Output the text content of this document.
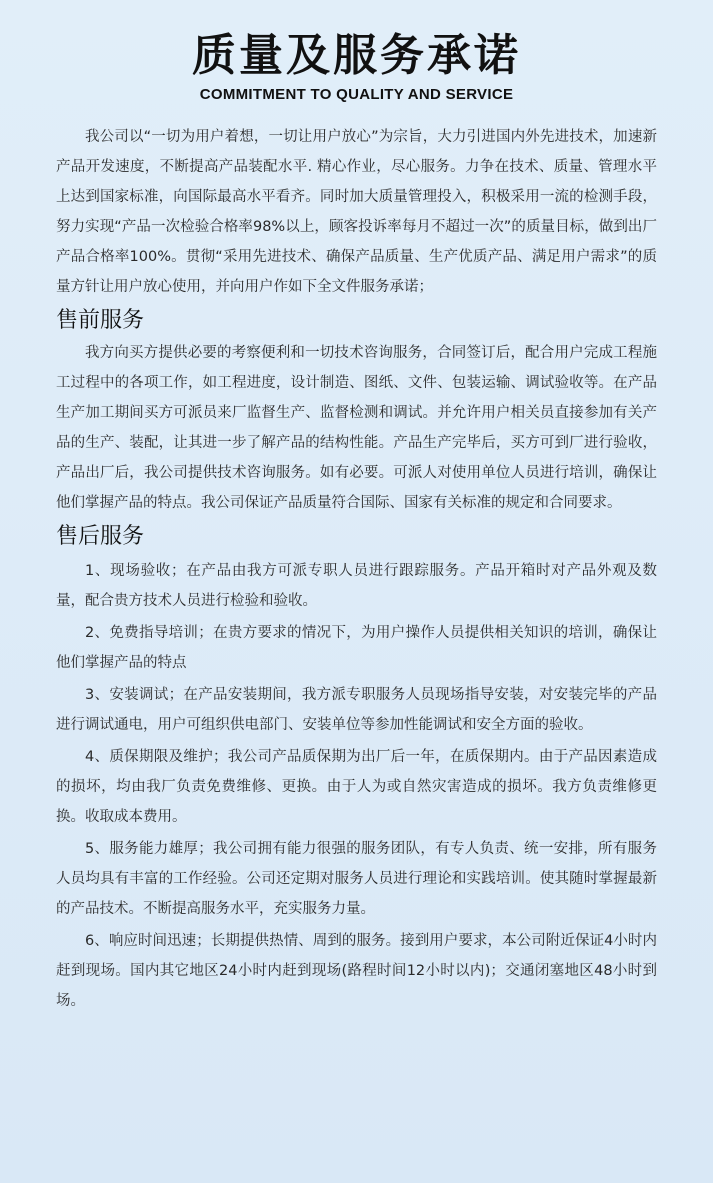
质量及服务承诺
COMMITMENT TO QUALITY AND SERVICE

我公司以“一切为用户着想，一切让用户放心”为宗旨，大力引进国内外先进技术，加速新产品开发速度，不断提高产品装配水平. 精心作业，尽心服务。力争在技术、质量、管理水平上达到国家标准，向国际最高水平看齐。同时加大质量管理投入，积极采用一流的检测手段，努力实现“产品一次检验合格率98%以上，顾客投诉率每月不超过一次”的质量目标，做到出厂产品合格率100%。贯彻“采用先进技术、确保产品质量、生产优质产品、满足用户需求”的质量方针让用户放心使用，并向用户作如下全文件服务承诺；

售前服务

我方向买方提供必要的考察便利和一切技术咨询服务，合同签订后，配合用户完成工程施工过程中的各项工作，如工程进度，设计制造、图纸、文件、包装运输、调试验收等。在产品生产加工期间买方可派员来厂监督生产、监督检测和调试。并允许用户相关员直接参加有关产品的生产、装配，让其进一步了解产品的结构性能。产品生产完毕后，买方可到厂进行验收，产品出厂后，我公司提供技术咨询服务。如有必要。可派人对使用单位人员进行培训，确保让他们掌握产品的特点。我公司保证产品质量符合国际、国家有关标准的规定和合同要求。

售后服务
1、现场验收；在产品由我方可派专职人员进行跟踪服务。产品开箱时对产品外观及数量，配合贵方技术人员进行检验和验收。
2、免费指导培训；在贵方要求的情况下，为用户操作人员提供相关知识的培训，确保让他们掌握产品的特点
3、安装调试；在产品安装期间，我方派专职服务人员现场指导安装，对安装完毕的产品进行调试通电，用户可组织供电部门、安装单位等参加性能调试和安全方面的验收。
4、质保期限及维护；我公司产品质保期为出厂后一年，在质保期内。由于产品因素造成的损坏，均由我厂负责免费维修、更换。由于人为或自然灾害造成的损坏。我方负责维修更换。收取成本费用。
5、服务能力雄厚；我公司拥有能力很强的服务团队，有专人负责、统一安排，所有服务人员均具有丰富的工作经验。公司还定期对服务人员进行理论和实践培训。使其随时掌握最新的产品技术。不断提高服务水平，充实服务力量。
6、响应时间迅速；长期提供热情、周到的服务。接到用户要求，本公司附近保证4小时内赶到现场。国内其它地区24小时内赶到现场(路程时间12小时以内)；交通闭塞地区48小时到场。
